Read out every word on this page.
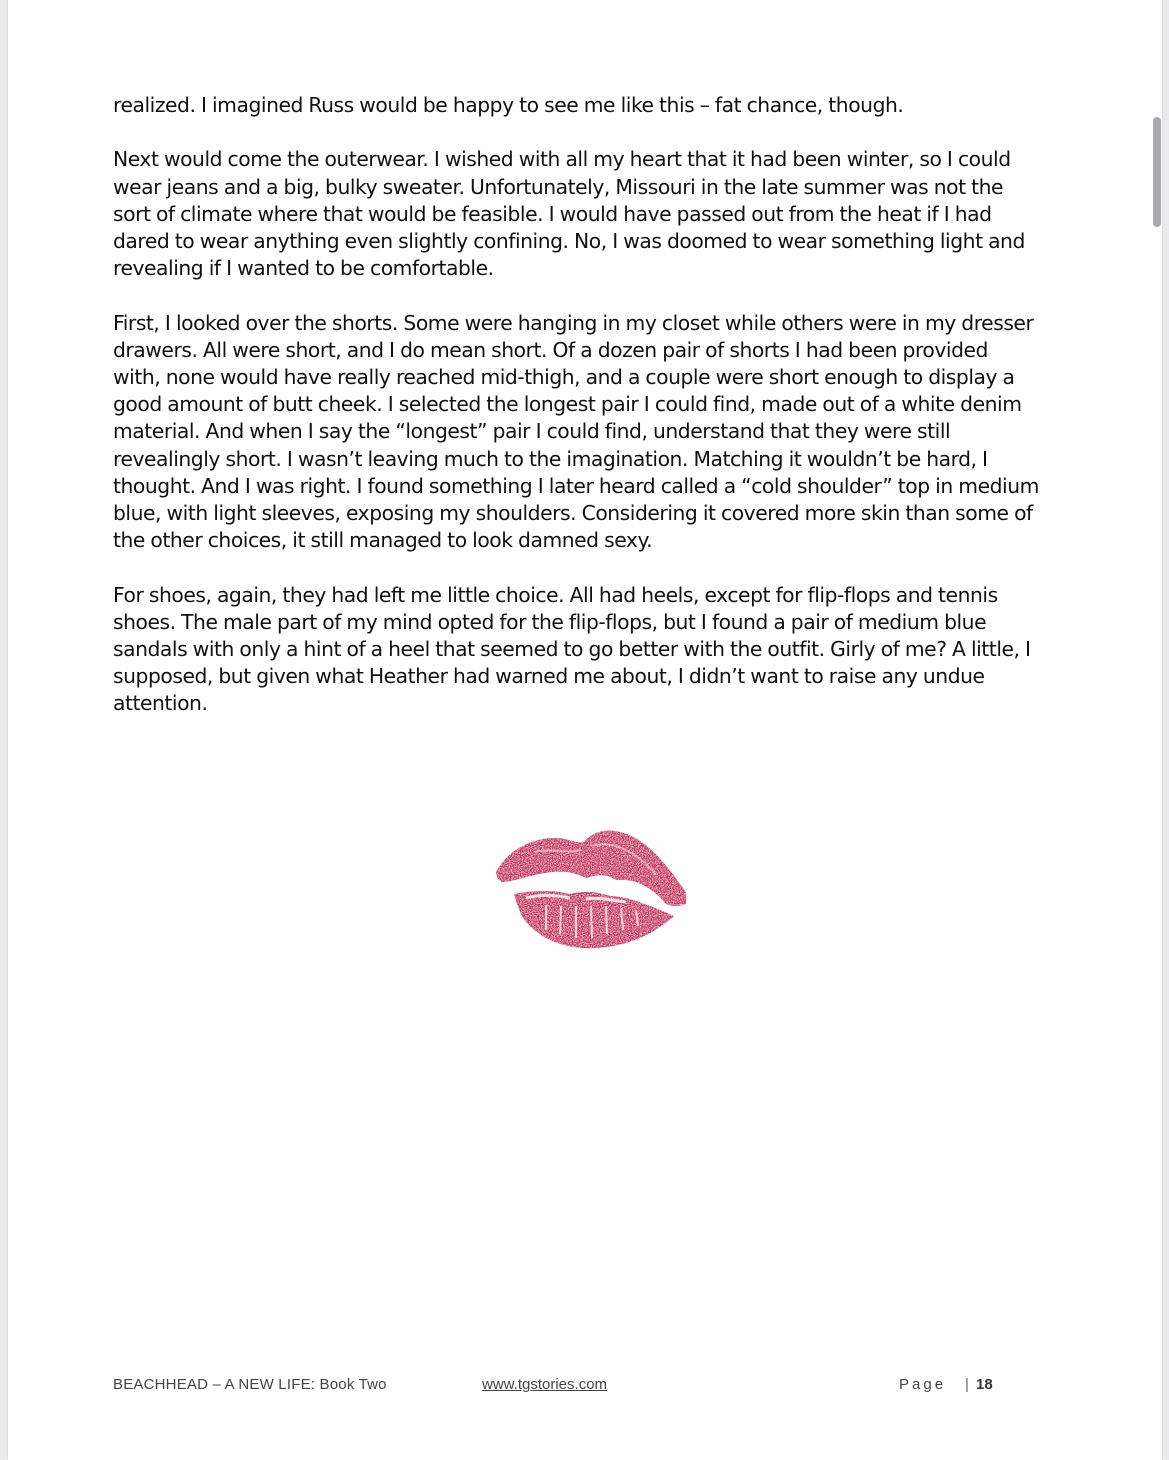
realized. I imagined Russ would be happy to see me like this – fat chance, though.

Next would come the outerwear. I wished with all my heart that it had been winter, so I could
wear jeans and a big, bulky sweater. Unfortunately, Missouri in the late summer was not the
sort of climate where that would be feasible. I would have passed out from the heat if I had
dared to wear anything even slightly confining. No, I was doomed to wear something light and
revealing if I wanted to be comfortable.

First, I looked over the shorts. Some were hanging in my closet while others were in my dresser
drawers. All were short, and I do mean short. Of a dozen pair of shorts I had been provided
with, none would have really reached mid-thigh, and a couple were short enough to display a
good amount of butt cheek. I selected the longest pair I could find, made out of a white denim
material. And when I say the “longest” pair I could find, understand that they were still
revealingly short. I wasn’t leaving much to the imagination. Matching it wouldn’t be hard, I
thought. And I was right. I found something I later heard called a “cold shoulder” top in medium
blue, with light sleeves, exposing my shoulders. Considering it covered more skin than some of
the other choices, it still managed to look damned sexy.

For shoes, again, they had left me little choice. All had heels, except for flip-flops and tennis
shoes. The male part of my mind opted for the flip-flops, but I found a pair of medium blue
sandals with only a hint of a heel that seemed to go better with the outfit. Girly of me? A little, I
supposed, but given what Heather had warned me about, I didn’t want to raise any undue
attention.

BEACHHEAD – A NEW LIFE: Book Two	www.tgstories.com	Page | 18
